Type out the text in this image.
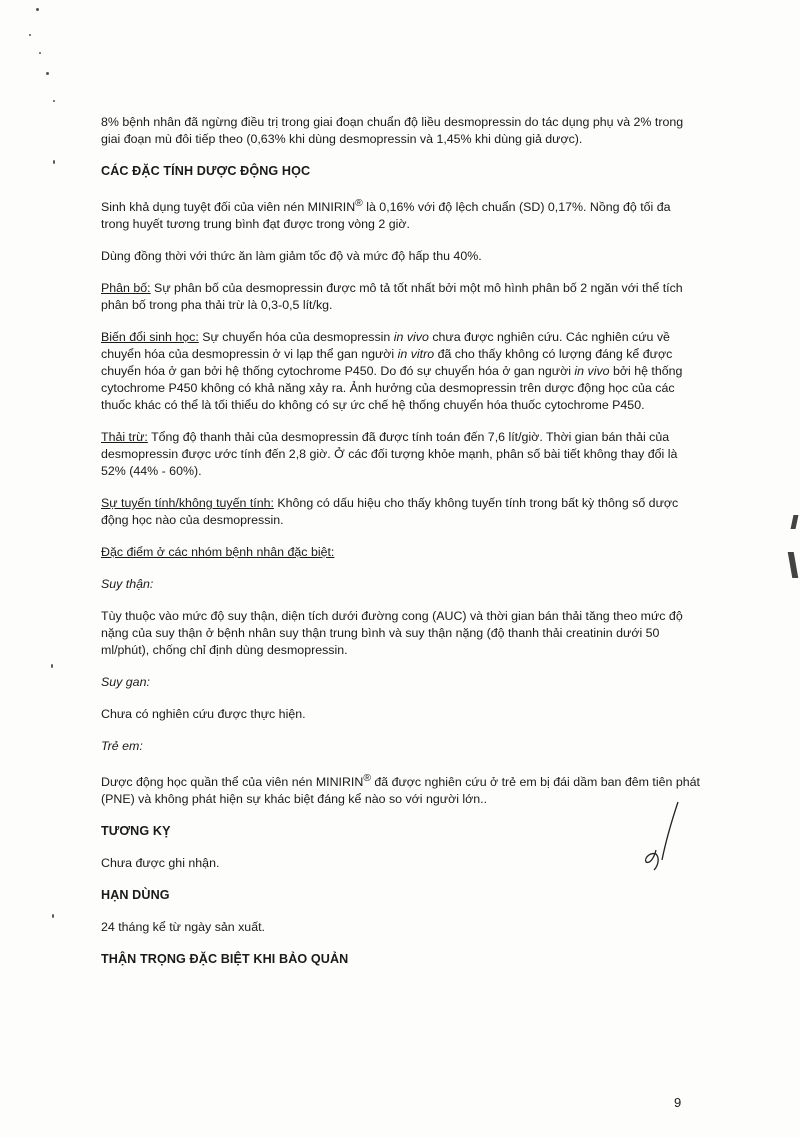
8% bệnh nhân đã ngừng điều trị trong giai đoạn chuẩn độ liều desmopressin do tác dụng phụ và 2% trong giai đoạn mù đôi tiếp theo (0,63% khi dùng desmopressin và 1,45% khi dùng giả dược).

CÁC ĐẶC TÍNH DƯỢC ĐỘNG HỌC

Sinh khả dụng tuyệt đối của viên nén MINIRIN® là 0,16% với độ lệch chuẩn (SD) 0,17%. Nồng độ tối đa trong huyết tương trung bình đạt được trong vòng 2 giờ.

Dùng đồng thời với thức ăn làm giảm tốc độ và mức độ hấp thu 40%.

Phân bố: Sự phân bố của desmopressin được mô tả tốt nhất bởi một mô hình phân bố 2 ngăn với thể tích phân bố trong pha thải trừ là 0,3-0,5 lít/kg.

Biến đổi sinh học: Sự chuyển hóa của desmopressin in vivo chưa được nghiên cứu. Các nghiên cứu về chuyển hóa của desmopressin ở vi lạp thể gan người in vitro đã cho thấy không có lượng đáng kể được chuyển hóa ở gan bởi hệ thống cytochrome P450. Do đó sự chuyển hóa ở gan người in vivo bởi hệ thống cytochrome P450 không có khả năng xảy ra. Ảnh hưởng của desmopressin trên dược động học của các thuốc khác có thể là tối thiểu do không có sự ức chế hệ thống chuyển hóa thuốc cytochrome P450.

Thải trừ: Tổng độ thanh thải của desmopressin đã được tính toán đến 7,6 lít/giờ. Thời gian bán thải của desmopressin được ước tính đến 2,8 giờ. Ở các đối tượng khỏe mạnh, phân số bài tiết không thay đổi là 52% (44% - 60%).

Sự tuyến tính/không tuyến tính: Không có dấu hiệu cho thấy không tuyến tính trong bất kỳ thông số dược động học nào của desmopressin.

Đặc điểm ở các nhóm bệnh nhân đặc biệt:

Suy thận:

Tùy thuộc vào mức độ suy thận, diện tích dưới đường cong (AUC) và thời gian bán thải tăng theo mức độ nặng của suy thận ở bệnh nhân suy thận trung bình và suy thận nặng (độ thanh thải creatinin dưới 50 ml/phút), chống chỉ định dùng desmopressin.

Suy gan:

Chưa có nghiên cứu được thực hiện.

Trẻ em:

Dược động học quần thể của viên nén MINIRIN® đã được nghiên cứu ở trẻ em bị đái dầm ban đêm tiên phát (PNE) và không phát hiện sự khác biệt đáng kể nào so với người lớn..

TƯƠNG KỴ

Chưa được ghi nhận.

HẠN DÙNG

24 tháng kể từ ngày sản xuất.

THẬN TRỌNG ĐẶC BIỆT KHI BẢO QUẢN
9
